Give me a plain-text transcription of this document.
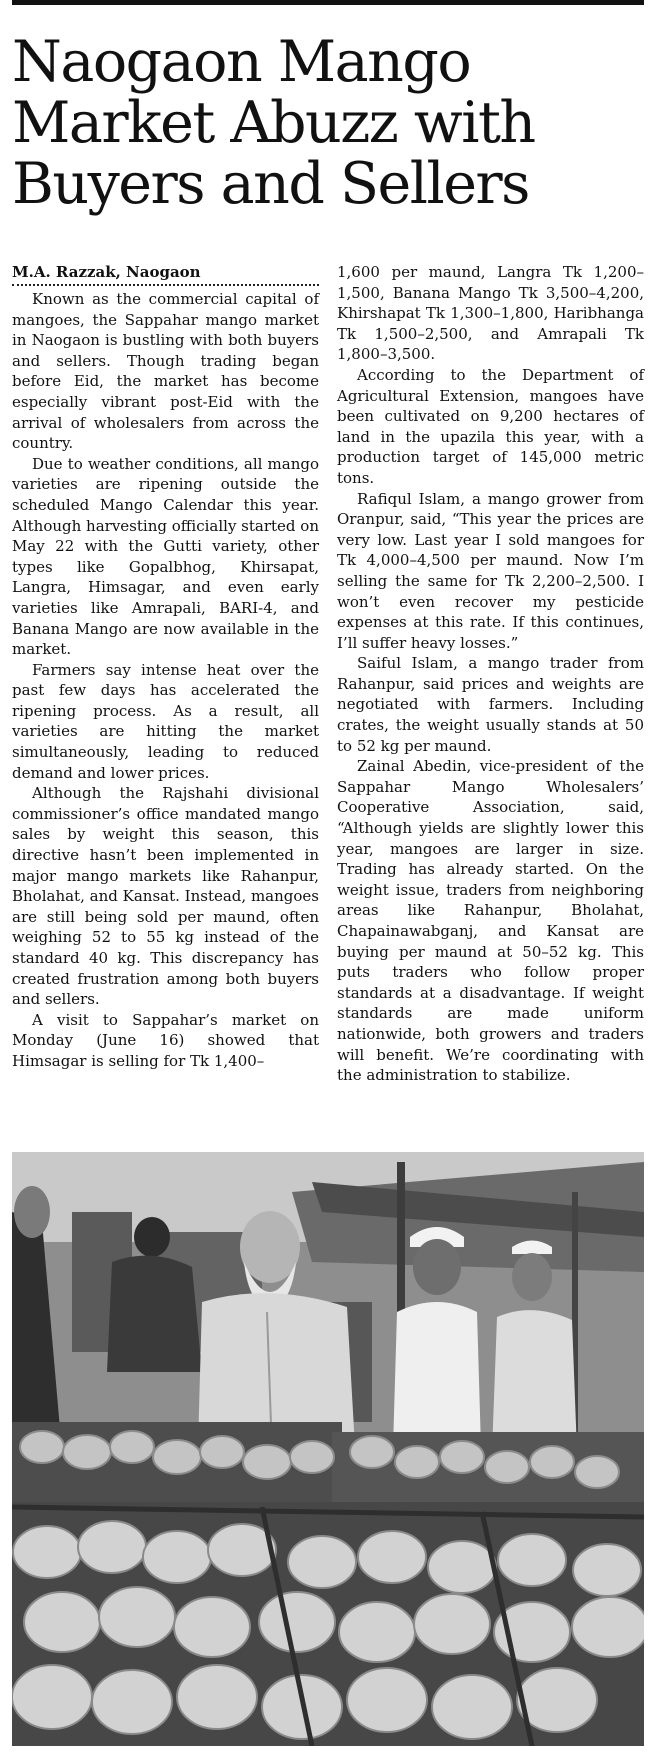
Naogaon Mango Market Abuzz with Buyers and Sellers
M.A. Razzak, Naogaon

Known as the commercial capital of mangoes, the Sappahar mango market in Naogaon is bustling with both buyers and sellers. Though trading began before Eid, the market has become especially vibrant post-Eid with the arrival of wholesalers from across the country.

Due to weather conditions, all mango varieties are ripening outside the scheduled Mango Calendar this year. Although harvesting officially started on May 22 with the Gutti variety, other types like Gopalbhog, Khirsapat, Langra, Himsagar, and even early varieties like Amrapali, BARI-4, and Banana Mango are now available in the market.

Farmers say intense heat over the past few days has accelerated the ripening process. As a result, all varieties are hitting the market simultaneously, leading to reduced demand and lower prices.

Although the Rajshahi divisional commissioner’s office mandated mango sales by weight this season, this directive hasn’t been implemented in major mango markets like Rahanpur, Bholahat, and Kansat. Instead, mangoes are still being sold per maund, often weighing 52 to 55 kg instead of the standard 40 kg. This discrepancy has created frustration among both buyers and sellers.

A visit to Sappahar’s market on Monday (June 16) showed that Himsagar is selling for Tk 1,400–

1,600 per maund, Langra Tk 1,200–1,500, Banana Mango Tk 3,500–4,200, Khirshapat Tk 1,300–1,800, Haribhanga Tk 1,500–2,500, and Amrapali Tk 1,800–3,500.

According to the Department of Agricultural Extension, mangoes have been cultivated on 9,200 hectares of land in the upazila this year, with a production target of 145,000 metric tons.

Rafiqul Islam, a mango grower from Oranpur, said, “This year the prices are very low. Last year I sold mangoes for Tk 4,000–4,500 per maund. Now I’m selling the same for Tk 2,200–2,500. I won’t even recover my pesticide expenses at this rate. If this continues, I’ll suffer heavy losses.”

Saiful Islam, a mango trader from Rahanpur, said prices and weights are negotiated with farmers. Including crates, the weight usually stands at 50 to 52 kg per maund.

Zainal Abedin, vice-president of the Sappahar Mango Wholesalers’ Cooperative Association, said, “Although yields are slightly lower this year, mangoes are larger in size. Trading has already started. On the weight issue, traders from neighboring areas like Rahanpur, Bholahat, Chapainawabganj, and Kansat are buying per maund at 50–52 kg. This puts traders who follow proper standards at a disadvantage. If weight standards are made uniform nationwide, both growers and traders will benefit. We’re coordinating with the administration to stabilize.
